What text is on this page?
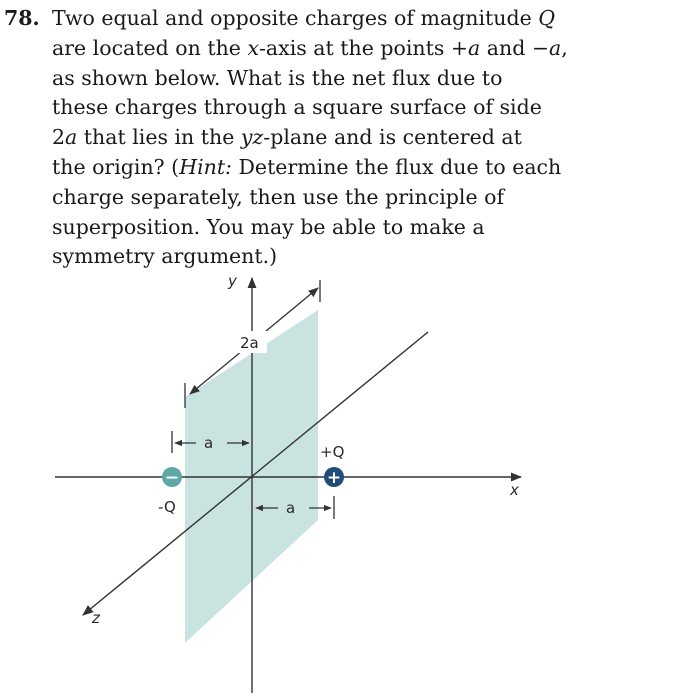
78. Two equal and opposite charges of magnitude Q
are located on the x-axis at the points +a and −a,
as shown below. What is the net flux due to
these charges through a square surface of side
2a that lies in the yz-plane and is centered at
the origin? (Hint: Determine the flux due to each
charge separately, then use the principle of
superposition. You may be able to make a
symmetry argument.)
2a
a
a
−
-Q
+
+Q
y
x
z
